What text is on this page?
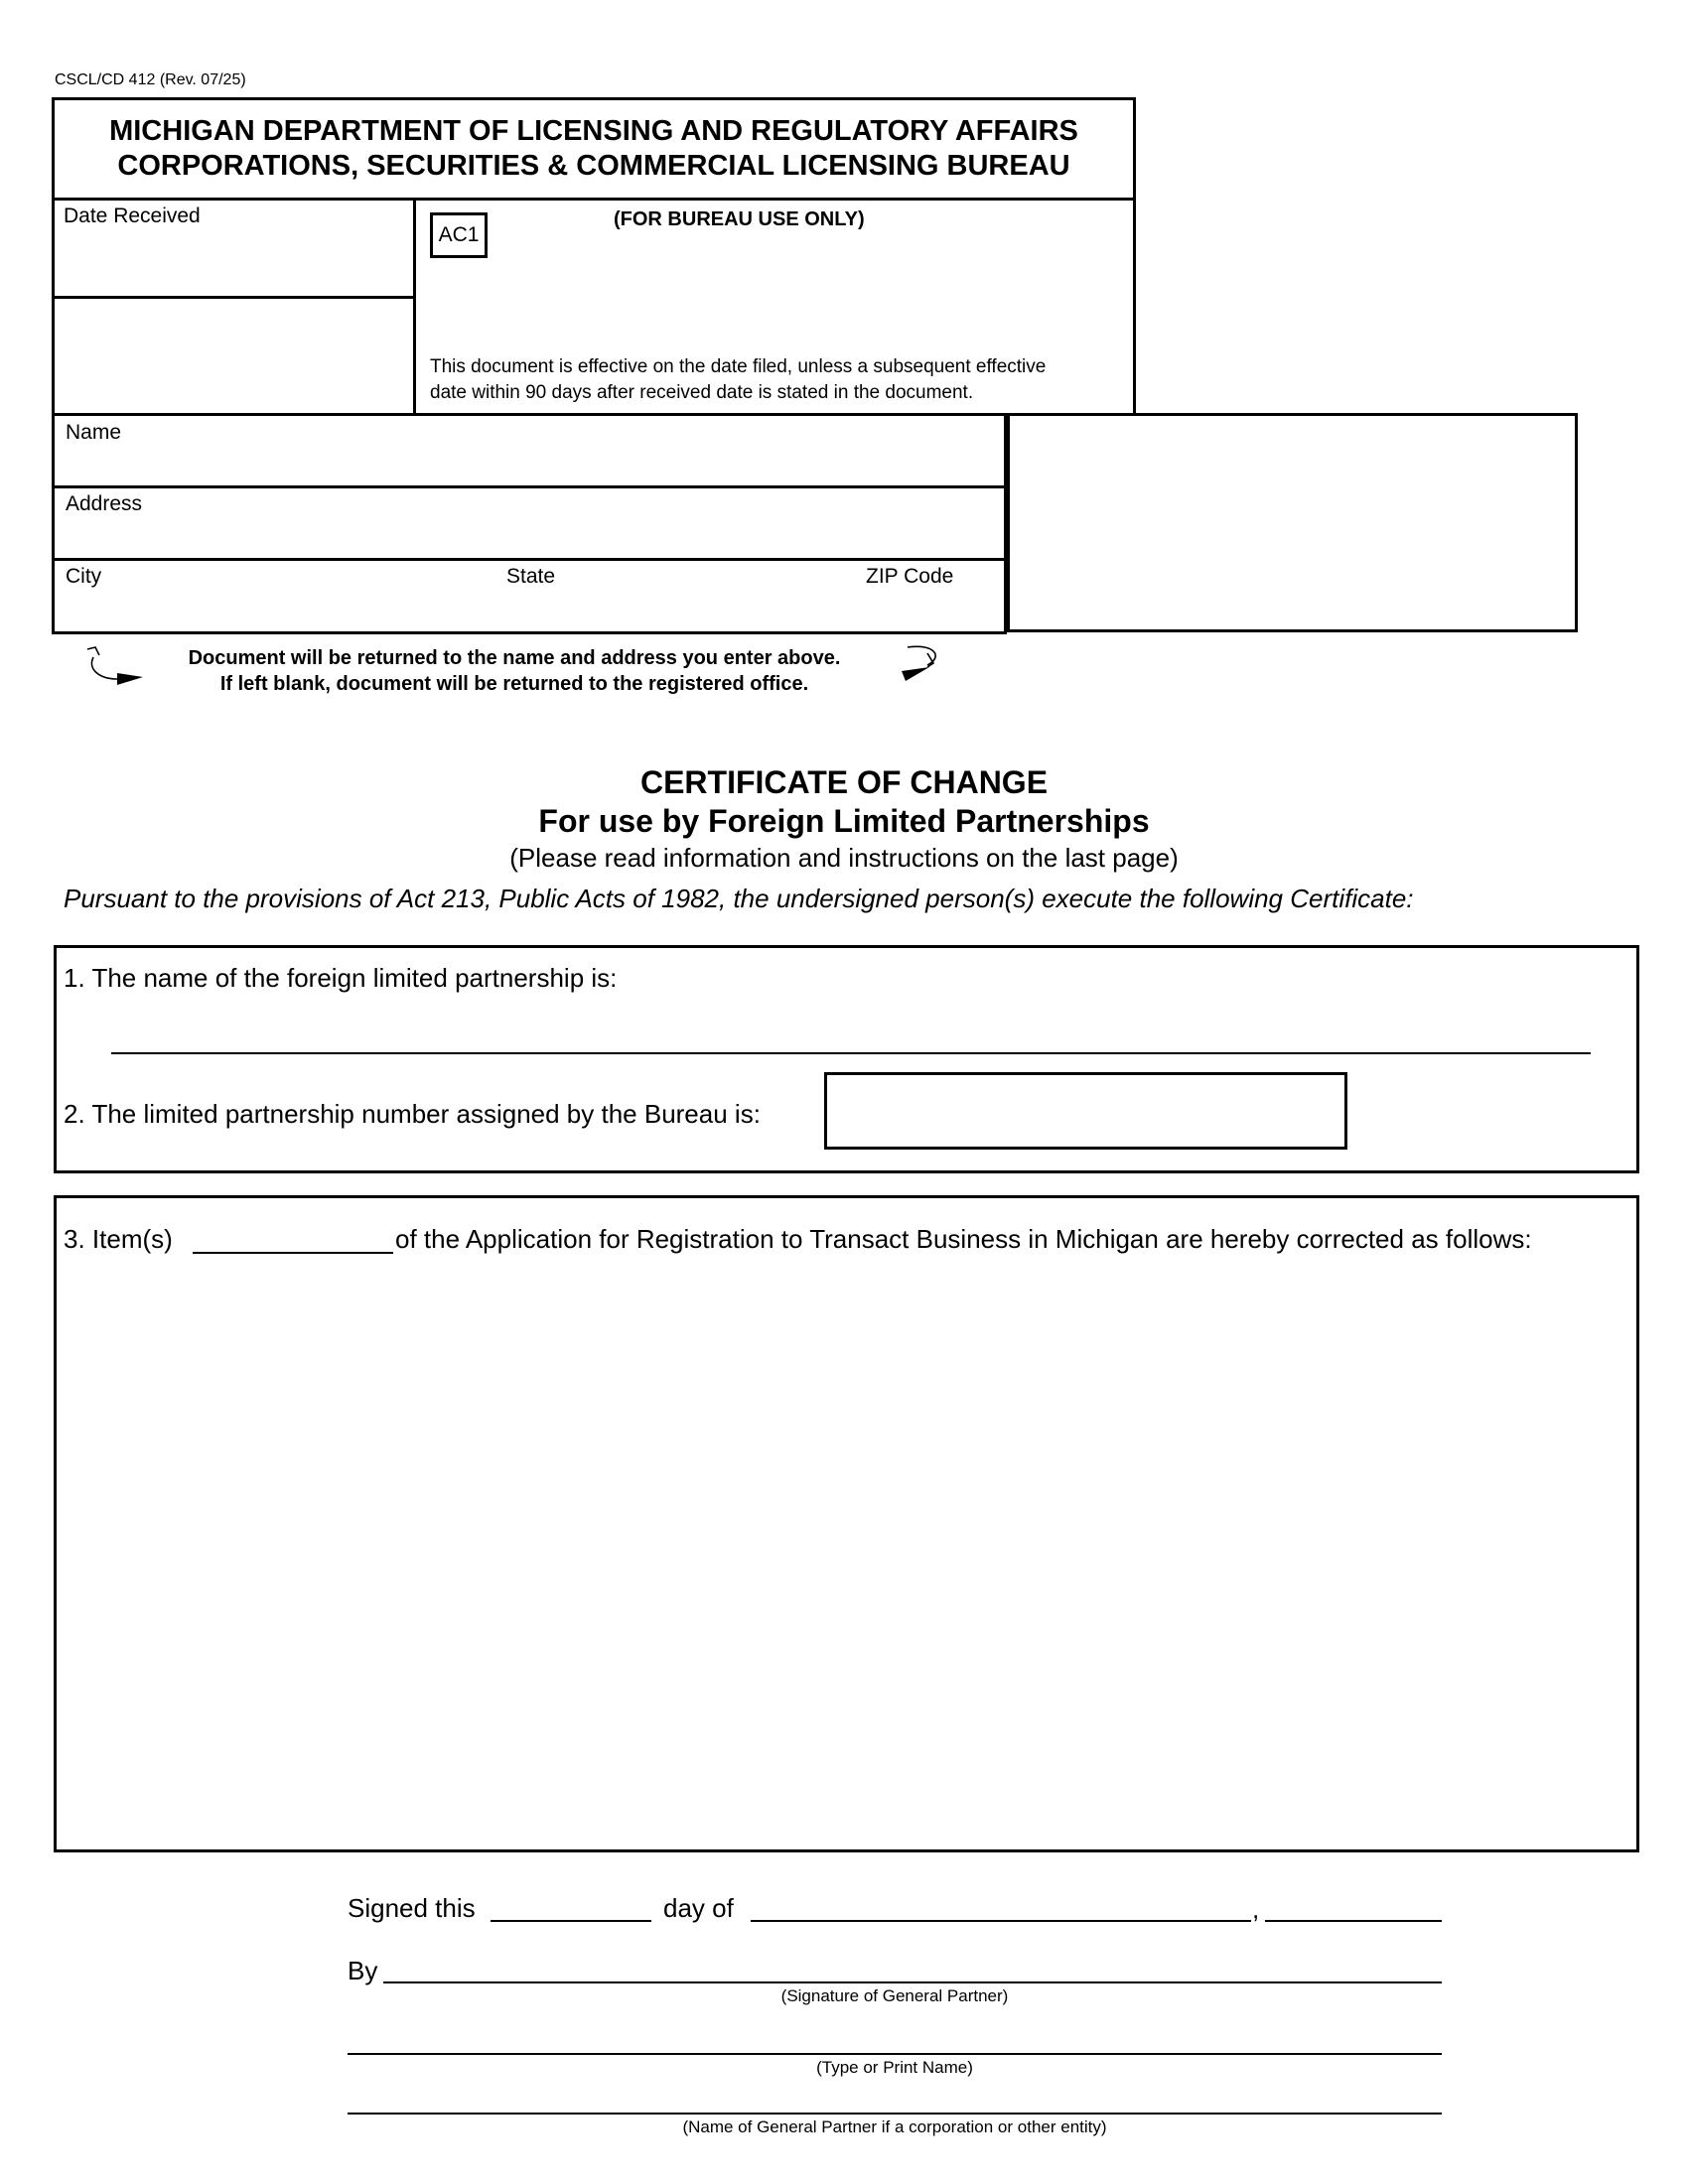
CSCL/CD 412 (Rev. 07/25)
MICHIGAN DEPARTMENT OF LICENSING AND REGULATORY AFFAIRS
CORPORATIONS, SECURITIES & COMMERCIAL LICENSING BUREAU
Date Received
AC1
(FOR BUREAU USE ONLY)
This document is effective on the date filed, unless a subsequent effective
date within 90 days after received date is stated in the document.
Name
Address
City	State	ZIP Code
Document will be returned to the name and address you enter above.
If left blank, document will be returned to the registered office.
CERTIFICATE OF CHANGE
For use by Foreign Limited Partnerships
(Please read information and instructions on the last page)
Pursuant to the provisions of Act 213, Public Acts of 1982, the undersigned person(s) execute the following Certificate:
1. The name of the foreign limited partnership is:
2. The limited partnership number assigned by the Bureau is:
3. Item(s)	of the Application for Registration to Transact Business in Michigan are hereby corrected as follows:
Signed this	day of	,
By
(Signature of General Partner)
(Type or Print Name)
(Name of General Partner if a corporation or other entity)
